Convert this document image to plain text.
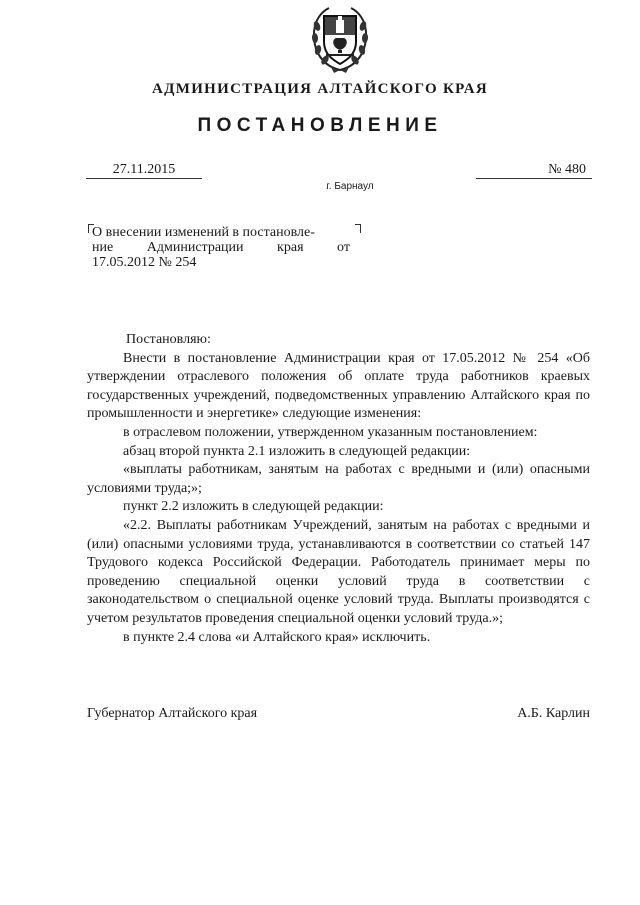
АДМИНИСТРАЦИЯ АЛТАЙСКОГО КРАЯ
ПОСТАНОВЛЕНИЕ
27.11.2015	№ 480
г. Барнаул
О внесении изменений в постановле-
ние Администрации края от
17.05.2012 № 254
Постановляю:

Внести в постановление Администрации края от 17.05.2012 № 254 «Об утверждении отраслевого положения об оплате труда работников краевых государственных учреждений, подведомственных управлению Алтайского края по промышленности и энергетике» следующие изменения:

в отраслевом положении, утвержденном указанным постановлением:

абзац второй пункта 2.1 изложить в следующей редакции:

«выплаты работникам, занятым на работах с вредными и (или) опасными условиями труда;»;

пункт 2.2 изложить в следующей редакции:

«2.2. Выплаты работникам Учреждений, занятым на работах с вредными и (или) опасными условиями труда, устанавливаются в соответствии со статьей 147 Трудового кодекса Российской Федерации. Работодатель принимает меры по проведению специальной оценки условий труда в соответствии с законодательством о специальной оценке условий труда. Выплаты производятся с учетом результатов проведения специальной оценки условий труда.»;

в пункте 2.4 слова «и Алтайского края» исключить.

Губернатор Алтайского края	А.Б. Карлин
